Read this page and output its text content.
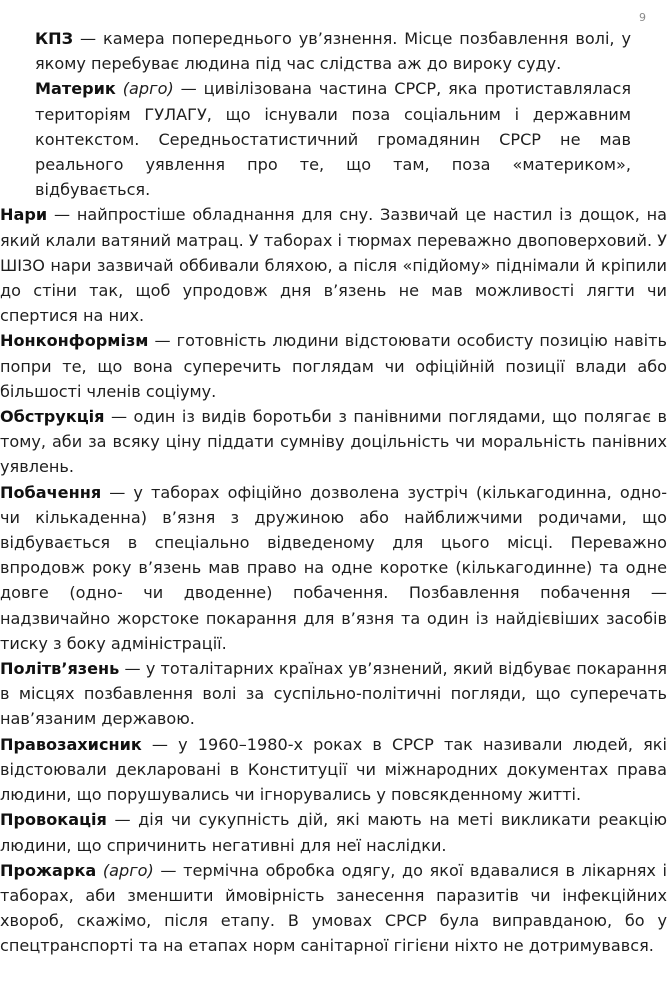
9

КПЗ — камера попереднього ув’язнення. Місце позбавлення волі, у якому перебуває людина під час слідства аж до вироку суду.

Материк (арго) — цивілізована частина СРСР, яка протиставлялася територіям ГУЛАГУ, що існували поза соціальним і державним контекстом. Середньостатистичний громадянин СРСР не мав реального уявлення про те, що там, поза «материком», відбувається.

Нари — найпростіше обладнання для сну. Зазвичай це настил із дощок, на який клали ватяний матрац. У таборах і тюрмах переважно двоповерховий. У ШІЗО нари зазвичай оббивали бляхою, а після «підйому» піднімали й кріпили до стіни так, щоб упродовж дня в’язень не мав можливості лягти чи спертися на них.

Нонконформізм — готовність людини відстоювати особисту позицію навіть попри те, що вона суперечить поглядам чи офіційній позиції влади або більшості членів соціуму.

Обструкція — один із видів боротьби з панівними поглядами, що полягає в тому, аби за всяку ціну піддати сумніву доцільність чи моральність панівних уявлень.

Побачення — у таборах офіційно дозволена зустріч (кількагодинна, одно- чи кількаденна) в’язня з дружиною або найближчими родичами, що відбувається в спеціально відведеному для цього місці. Переважно впродовж року в’язень мав право на одне коротке (кількагодинне) та одне довге (одно- чи дводенне) побачення. Позбавлення побачення — надзвичайно жорстоке покарання для в’язня та один із найдієвіших засобів тиску з боку адміністрації.

Політв’язень — у тоталітарних країнах ув’язнений, який відбуває покарання в місцях позбавлення волі за суспільно-політичні погляди, що суперечать нав’язаним державою.

Правозахисник — у 1960–1980-х роках в СРСР так називали людей, які відстоювали декларовані в Конституції чи міжнародних документах права людини, що порушувались чи ігнорувались у повсякденному житті.

Провокація — дія чи сукупність дій, які мають на меті викликати реакцію людини, що спричинить негативні для неї наслідки.

Прожарка (арго) — термічна обробка одягу, до якої вдавалися в лікарнях і таборах, аби зменшити ймовірність занесення паразитів чи інфекційних хвороб, скажімо, після етапу. В умовах СРСР була виправданою, бо у спецтранспорті та на етапах норм санітарної гігієни ніхто не дотримувався.
